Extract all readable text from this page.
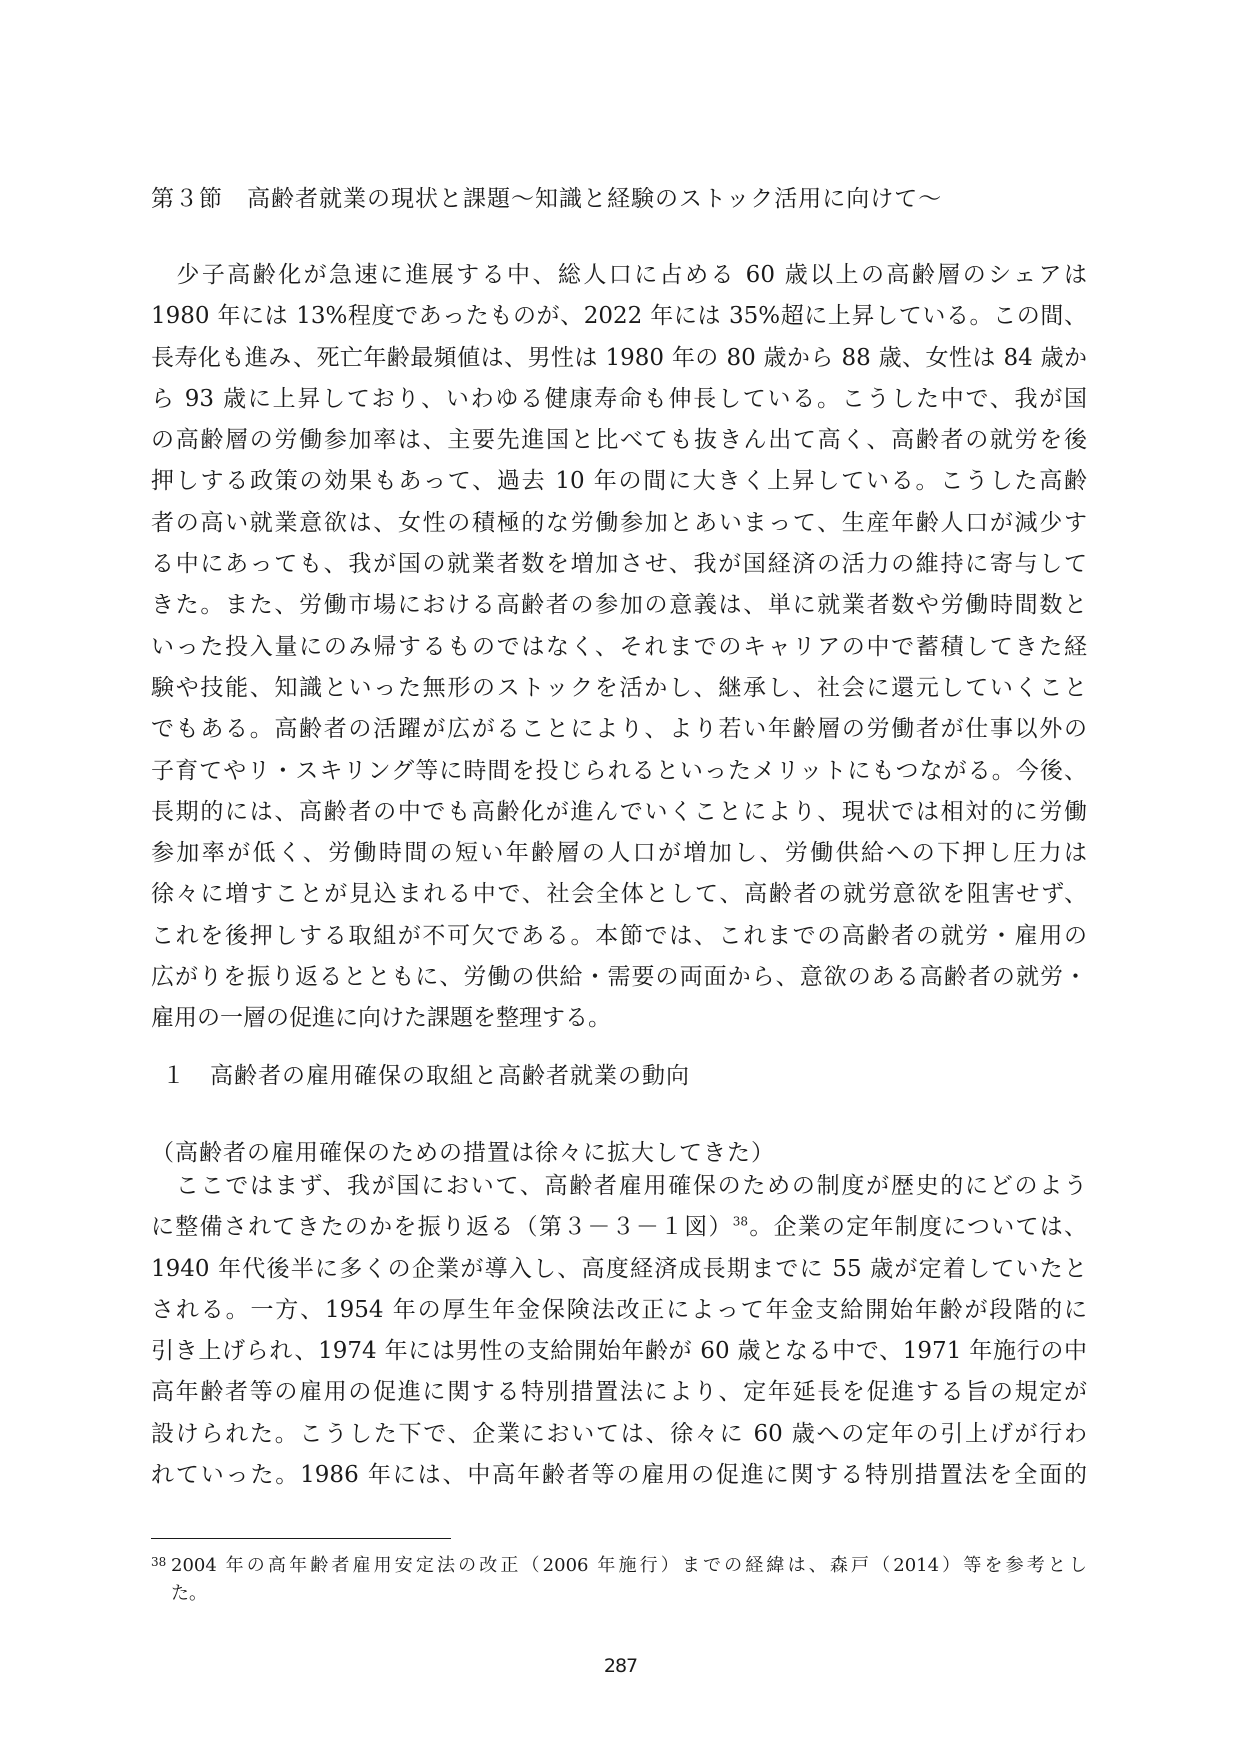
第３節　高齢者就業の現状と課題～知識と経験のストック活用に向けて～
　少子高齢化が急速に進展する中、総人口に占める 60 歳以上の高齢層のシェアは
1980 年には 13%程度であったものが、2022 年には 35%超に上昇している。この間、
長寿化も進み、死亡年齢最頻値は、男性は 1980 年の 80 歳から 88 歳、女性は 84 歳か
ら 93 歳に上昇しており、いわゆる健康寿命も伸長している。こうした中で、我が国
の高齢層の労働参加率は、主要先進国と比べても抜きん出て高く、高齢者の就労を後
押しする政策の効果もあって、過去 10 年の間に大きく上昇している。こうした高齢
者の高い就業意欲は、女性の積極的な労働参加とあいまって、生産年齢人口が減少す
る中にあっても、我が国の就業者数を増加させ、我が国経済の活力の維持に寄与して
きた。また、労働市場における高齢者の参加の意義は、単に就業者数や労働時間数と
いった投入量にのみ帰するものではなく、それまでのキャリアの中で蓄積してきた経
験や技能、知識といった無形のストックを活かし、継承し、社会に還元していくこと
でもある。高齢者の活躍が広がることにより、より若い年齢層の労働者が仕事以外の
子育てやリ・スキリング等に時間を投じられるといったメリットにもつながる。今後、
長期的には、高齢者の中でも高齢化が進んでいくことにより、現状では相対的に労働
参加率が低く、労働時間の短い年齢層の人口が増加し、労働供給への下押し圧力は
徐々に増すことが見込まれる中で、社会全体として、高齢者の就労意欲を阻害せず、
これを後押しする取組が不可欠である。本節では、これまでの高齢者の就労・雇用の
広がりを振り返るとともに、労働の供給・需要の両面から、意欲のある高齢者の就労・
雇用の一層の促進に向けた課題を整理する。
１　高齢者の雇用確保の取組と高齢者就業の動向
（高齢者の雇用確保のための措置は徐々に拡大してきた）
　ここではまず、我が国において、高齢者雇用確保のための制度が歴史的にどのよう
に整備されてきたのかを振り返る（第３－３－１図）$^{38}$。企業の定年制度については、
1940 年代後半に多くの企業が導入し、高度経済成長期までに 55 歳が定着していたと
される。一方、1954 年の厚生年金保険法改正によって年金支給開始年齢が段階的に
引き上げられ、1974 年には男性の支給開始年齢が 60 歳となる中で、1971 年施行の中
高年齢者等の雇用の促進に関する特別措置法により、定年延長を促進する旨の規定が
設けられた。こうした下で、企業においては、徐々に 60 歳への定年の引上げが行わ
れていった。1986 年には、中高年齢者等の雇用の促進に関する特別措置法を全面的
38 2004 年の高年齢者雇用安定法の改正（2006 年施行）までの経緯は、森戸（2014）等を参考とし
た。
287
